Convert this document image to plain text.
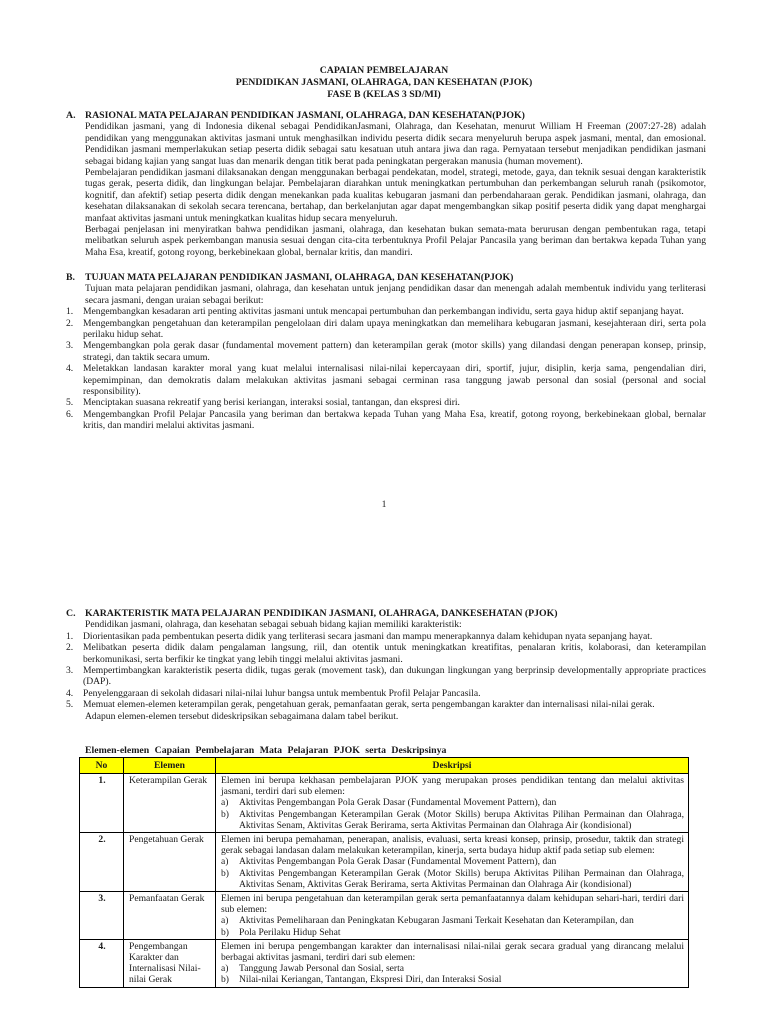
CAPAIAN PEMBELAJARAN
PENDIDIKAN JASMANI, OLAHRAGA, DAN KESEHATAN (PJOK)
FASE B (KELAS 3 SD/MI)
A. RASIONAL MATA PELAJARAN PENDIDIKAN JASMANI, OLAHRAGA, DAN KESEHATAN(PJOK)

Pendidikan jasmani, yang di Indonesia dikenal sebagai PendidikanJasmani, Olahraga, dan Kesehatan, menurut William H Freeman (2007:27-28) adalah pendidikan yang menggunakan aktivitas jasmani untuk menghasilkan individu peserta didik secara menyeluruh berupa aspek jasmani, mental, dan emosional. Pendidikan jasmani memperlakukan setiap peserta didik sebagai satu kesatuan utuh antara jiwa dan raga. Pernyataan tersebut menjadikan pendidikan jasmani sebagai bidang kajian yang sangat luas dan menarik dengan titik berat pada peningkatan pergerakan manusia (human movement).

Pembelajaran pendidikan jasmani dilaksanakan dengan menggunakan berbagai pendekatan, model, strategi, metode, gaya, dan teknik sesuai dengan karakteristik tugas gerak, peserta didik, dan lingkungan belajar. Pembelajaran diarahkan untuk meningkatkan pertumbuhan dan perkembangan seluruh ranah (psikomotor, kognitif, dan afektif) setiap peserta didik dengan menekankan pada kualitas kebugaran jasmani dan perbendaharaan gerak. Pendidikan jasmani, olahraga, dan kesehatan dilaksanakan di sekolah secara terencana, bertahap, dan berkelanjutan agar dapat mengembangkan sikap positif peserta didik yang dapat menghargai manfaat aktivitas jasmani untuk meningkatkan kualitas hidup secara menyeluruh.

Berbagai penjelasan ini menyiratkan bahwa pendidikan jasmani, olahraga, dan kesehatan bukan semata-mata berurusan dengan pembentukan raga, tetapi melibatkan seluruh aspek perkembangan manusia sesuai dengan cita-cita terbentuknya Profil Pelajar Pancasila yang beriman dan bertakwa kepada Tuhan yang Maha Esa, kreatif, gotong royong, berkebinekaan global, bernalar kritis, dan mandiri.

B. TUJUAN MATA PELAJARAN PENDIDIKAN JASMANI, OLAHRAGA, DAN KESEHATAN(PJOK)

Tujuan mata pelajaran pendidikan jasmani, olahraga, dan kesehatan untuk jenjang pendidikan dasar dan menengah adalah membentuk individu yang terliterasi secara jasmani, dengan uraian sebagai berikut:

1. Mengembangkan kesadaran arti penting aktivitas jasmani untuk mencapai pertumbuhan dan perkembangan individu, serta gaya hidup aktif sepanjang hayat.
2. Mengembangkan pengetahuan dan keterampilan pengelolaan diri dalam upaya meningkatkan dan memelihara kebugaran jasmani, kesejahteraan diri, serta pola perilaku hidup sehat.
3. Mengembangkan pola gerak dasar (fundamental movement pattern) dan keterampilan gerak (motor skills) yang dilandasi dengan penerapan konsep, prinsip, strategi, dan taktik secara umum.
4. Meletakkan landasan karakter moral yang kuat melalui internalisasi nilai-nilai kepercayaan diri, sportif, jujur, disiplin, kerja sama, pengendalian diri, kepemimpinan, dan demokratis dalam melakukan aktivitas jasmani sebagai cerminan rasa tanggung jawab personal dan sosial (personal and social responsibility).
5. Menciptakan suasana rekreatif yang berisi keriangan, interaksi sosial, tantangan, dan ekspresi diri.
6. Mengembangkan Profil Pelajar Pancasila yang beriman dan bertakwa kepada Tuhan yang Maha Esa, kreatif, gotong royong, berkebinekaan global, bernalar kritis, dan mandiri melalui aktivitas jasmani.
1
C. KARAKTERISTIK MATA PELAJARAN PENDIDIKAN JASMANI, OLAHRAGA, DANKESEHATAN (PJOK)

Pendidikan jasmani, olahraga, dan kesehatan sebagai sebuah bidang kajian memiliki karakteristik:

1. Diorientasikan pada pembentukan peserta didik yang terliterasi secara jasmani dan mampu menerapkannya dalam kehidupan nyata sepanjang hayat.
2. Melibatkan peserta didik dalam pengalaman langsung, riil, dan otentik untuk meningkatkan kreatifitas, penalaran kritis, kolaborasi, dan keterampilan berkomunikasi, serta berfikir ke tingkat yang lebih tinggi melalui aktivitas jasmani.
3. Mempertimbangkan karakteristik peserta didik, tugas gerak (movement task), dan dukungan lingkungan yang berprinsip developmentally appropriate practices (DAP).
4. Penyelenggaraan di sekolah didasari nilai-nilai luhur bangsa untuk membentuk Profil Pelajar Pancasila.
5. Memuat elemen-elemen keterampilan gerak, pengetahuan gerak, pemanfaatan gerak, serta pengembangan karakter dan internalisasi nilai-nilai gerak.

Adapun elemen-elemen tersebut dideskripsikan sebagaimana dalam tabel berikut.

Elemen-elemen Capaian Pembelajaran Mata Pelajaran PJOK serta Deskripsinya
No	Elemen	Deskripsi
1.	Keterampilan Gerak	Elemen ini berupa kekhasan pembelajaran PJOK yang merupakan proses pendidikan tentang dan melalui aktivitas jasmani, terdiri dari sub elemen:
a) Aktivitas Pengembangan Pola Gerak Dasar (Fundamental Movement Pattern), dan
b) Aktivitas Pengembangan Keterampilan Gerak (Motor Skills) berupa Aktivitas Pilihan Permainan dan Olahraga, Aktivitas Senam, Aktivitas Gerak Berirama, serta Aktivitas Permainan dan Olahraga Air (kondisional)

2.	Pengetahuan Gerak	Elemen ini berupa pemahaman, penerapan, analisis, evaluasi, serta kreasi konsep, prinsip, prosedur, taktik dan strategi gerak sebagai landasan dalam melakukan keterampilan, kinerja, serta budaya hidup aktif pada setiap sub elemen:
a) Aktivitas Pengembangan Pola Gerak Dasar (Fundamental Movement Pattern), dan
b) Aktivitas Pengembangan Keterampilan Gerak (Motor Skills) berupa Aktivitas Pilihan Permainan dan Olahraga, Aktivitas Senam, Aktivitas Gerak Berirama, serta Aktivitas Permainan dan Olahraga Air (kondisional)

3.	Pemanfaatan Gerak	Elemen ini berupa pengetahuan dan keterampilan gerak serta pemanfaatannya dalam kehidupan sehari-hari, terdiri dari sub elemen:
a) Aktivitas Pemeliharaan dan Peningkatan Kebugaran Jasmani Terkait Kesehatan dan Keterampilan, dan
b) Pola Perilaku Hidup Sehat

4.	Pengembangan Karakter dan Internalisasi Nilai-nilai Gerak	Elemen ini berupa pengembangan karakter dan internalisasi nilai-nilai gerak secara gradual yang dirancang melalui berbagai aktivitas jasmani, terdiri dari sub elemen:
a) Tanggung Jawab Personal dan Sosial, serta
b) Nilai-nilai Keriangan, Tantangan, Ekspresi Diri, dan Interaksi Sosial
